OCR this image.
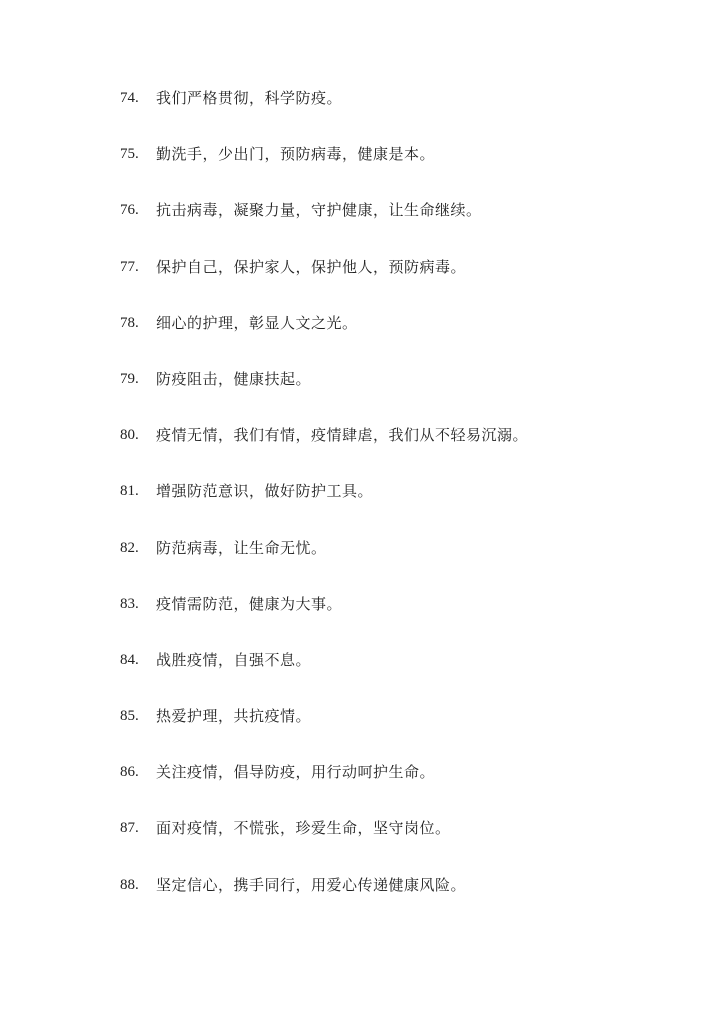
74.	我们严格贯彻，科学防疫。
75.	勤洗手，少出门，预防病毒，健康是本。
76.	抗击病毒，凝聚力量，守护健康，让生命继续。
77.	保护自己，保护家人，保护他人，预防病毒。
78.	细心的护理，彰显人文之光。
79.	防疫阻击，健康扶起。
80.	疫情无情，我们有情，疫情肆虐，我们从不轻易沉溺。
81.	增强防范意识，做好防护工具。
82.	防范病毒，让生命无忧。
83.	疫情需防范，健康为大事。
84.	战胜疫情，自强不息。
85.	热爱护理，共抗疫情。
86.	关注疫情，倡导防疫，用行动呵护生命。
87.	面对疫情，不慌张，珍爱生命，坚守岗位。
88.	坚定信心，携手同行，用爱心传递健康风险。
